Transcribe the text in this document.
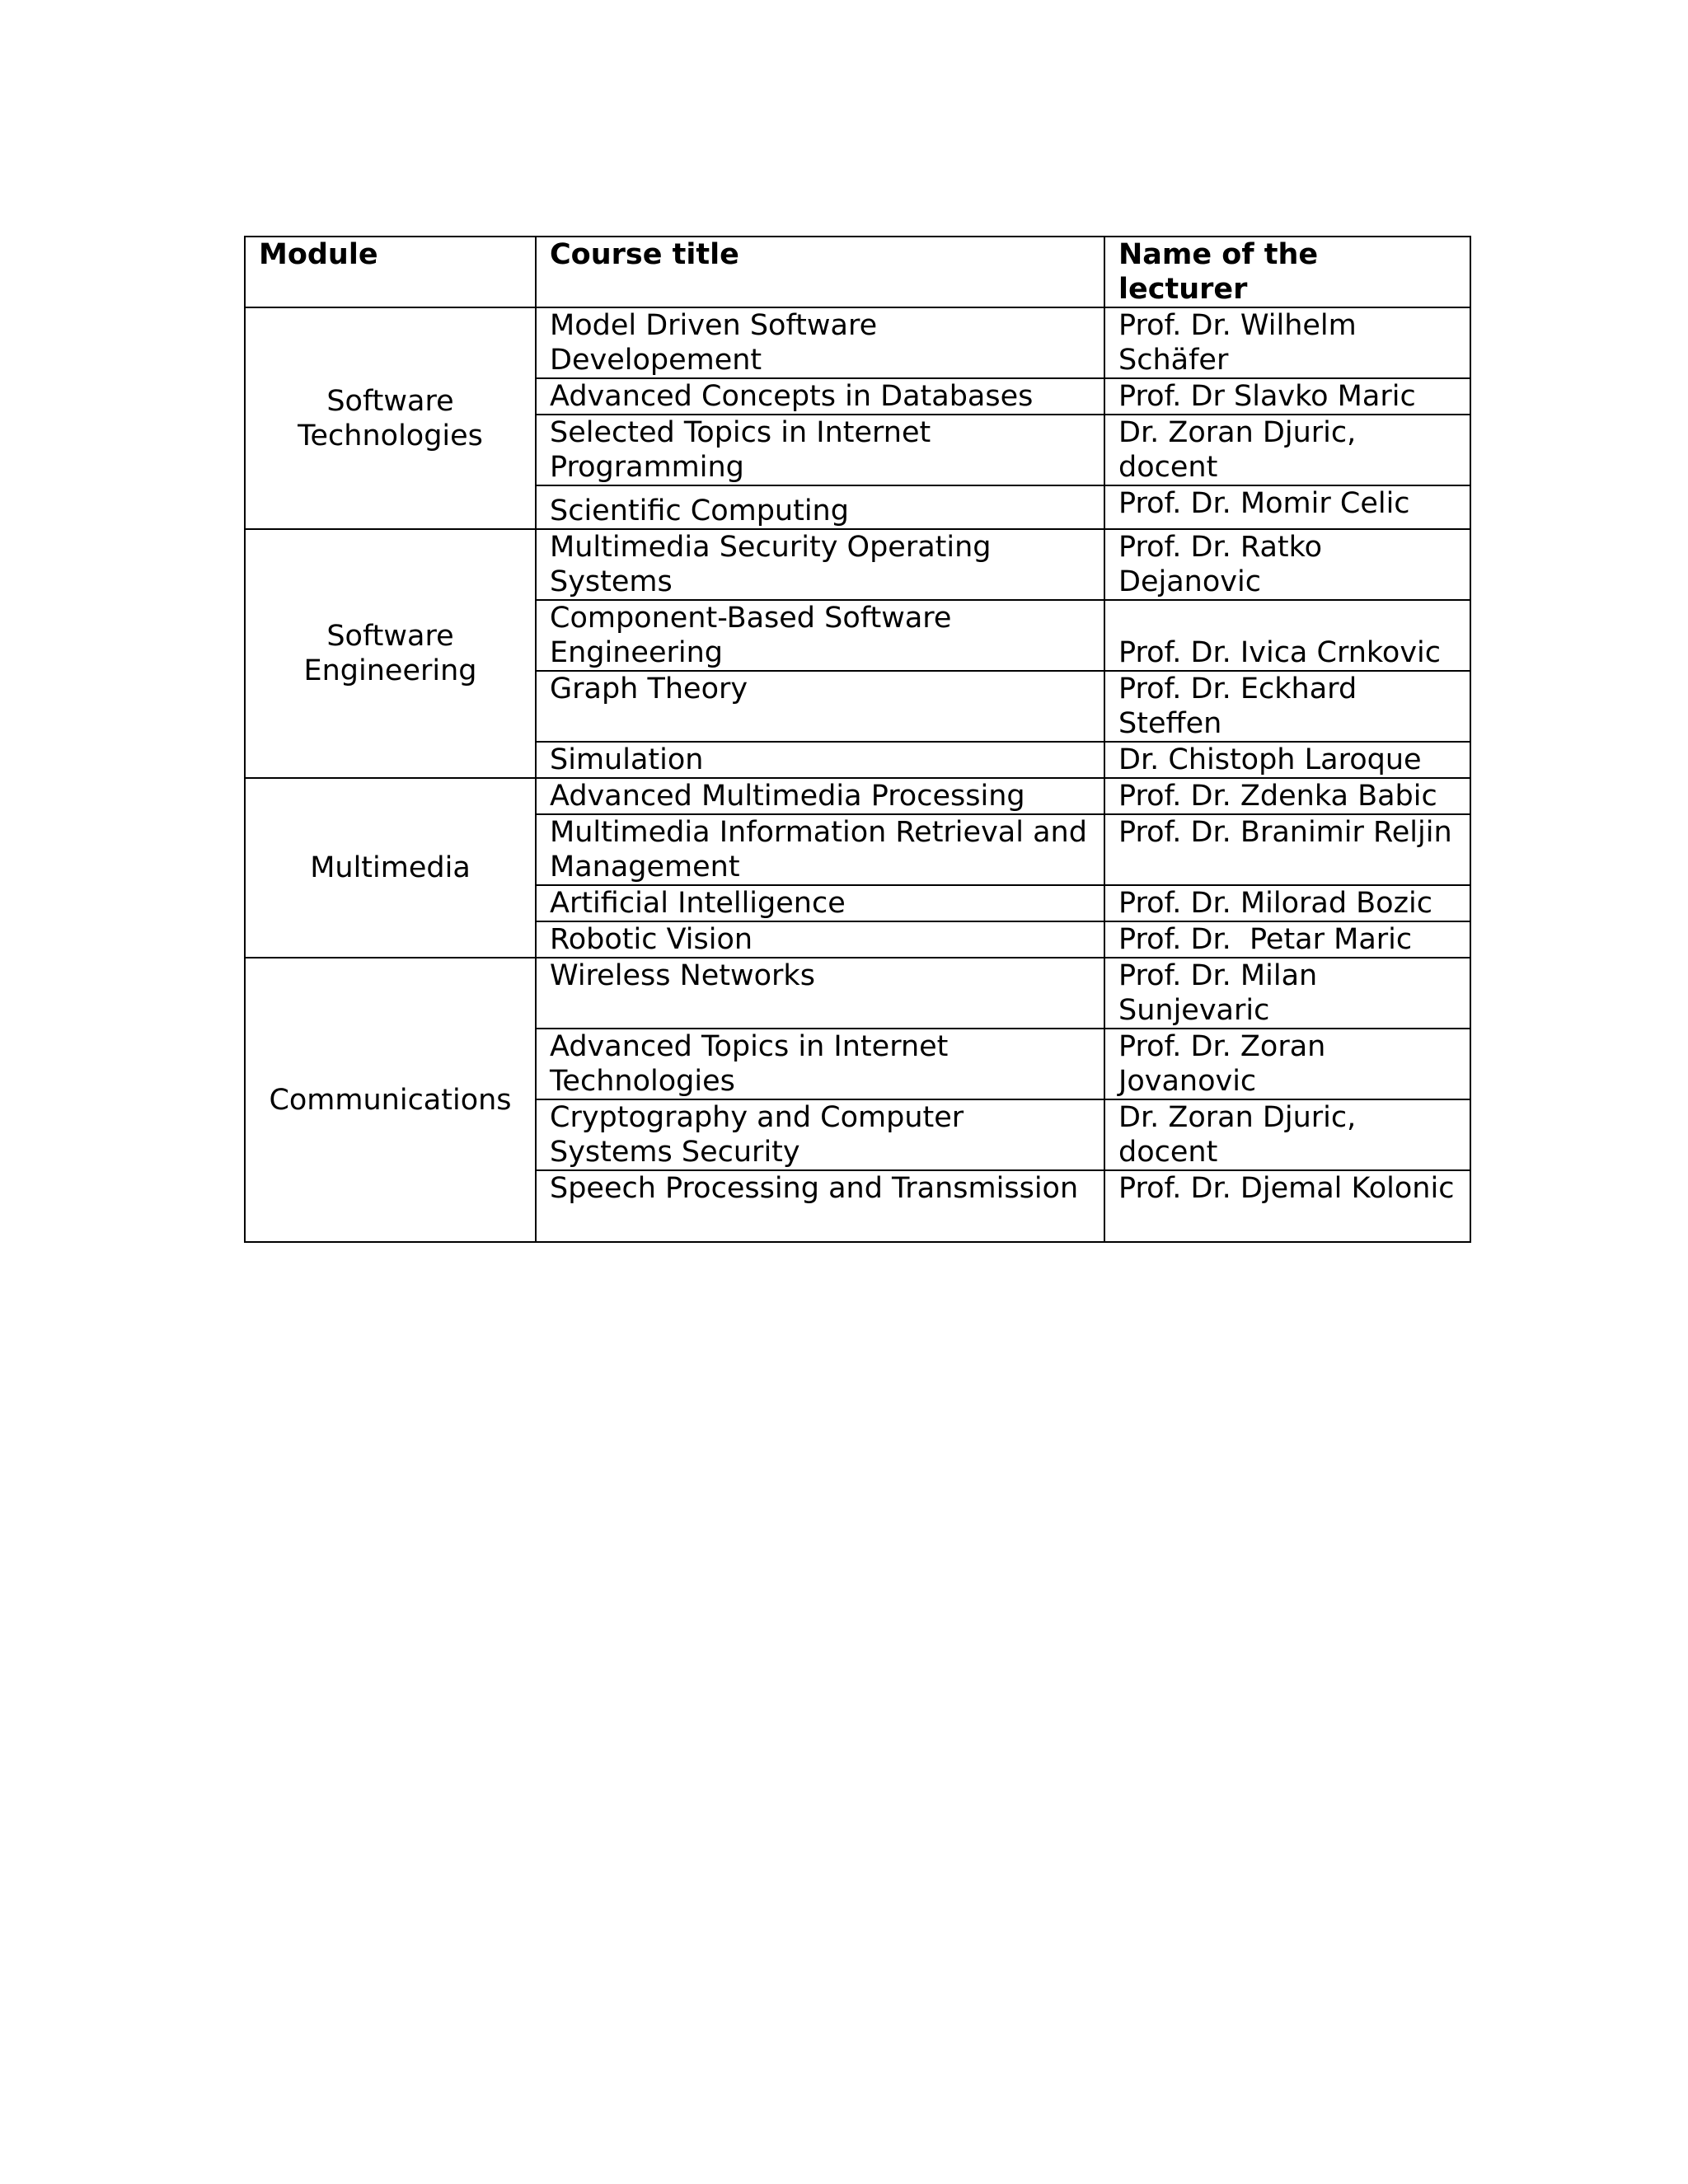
Module	Course title	Name of the lecturer
Software Technologies	Model Driven Software Developement	Prof. Dr. Wilhelm Schäfer
	Advanced Concepts in Databases	Prof. Dr Slavko Maric
	Selected Topics in Internet Programming	Dr. Zoran Djuric, docent
	Scientific Computing	Prof. Dr. Momir Celic
Software Engineering	Multimedia Security Operating Systems	Prof. Dr. Ratko Dejanovic
	Component-Based Software Engineering	Prof. Dr. Ivica Crnkovic
	Graph Theory	Prof. Dr. Eckhard Steffen
	Simulation	Dr. Chistoph Laroque
Multimedia	Advanced Multimedia Processing	Prof. Dr. Zdenka Babic
	Multimedia Information Retrieval and Management	Prof. Dr. Branimir Reljin
	Artificial Intelligence	Prof. Dr. Milorad Bozic
	Robotic Vision	Prof. Dr.  Petar Maric
Communications	Wireless Networks	Prof. Dr. Milan Sunjevaric
	Advanced Topics in Internet Technologies	Prof. Dr. Zoran Jovanovic
	Cryptography and Computer Systems Security	Dr. Zoran Djuric, docent
	Speech Processing and Transmission	Prof. Dr. Djemal Kolonic
